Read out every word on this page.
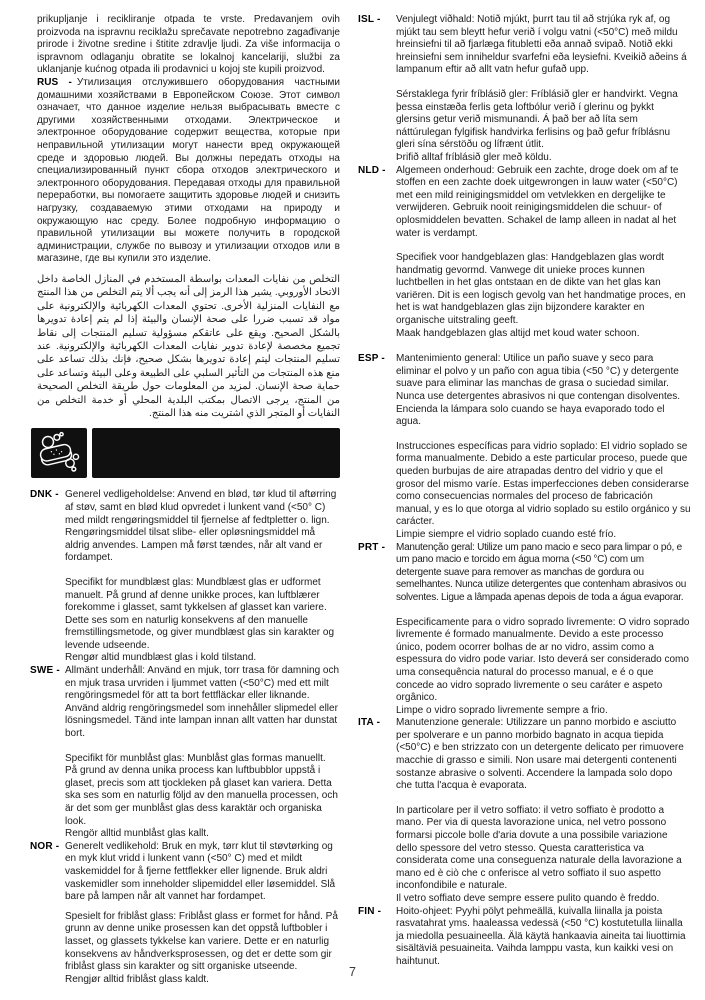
prikupljanje i recikliranje otpada te vrste. Predavanjem ovih proizvoda na ispravnu reciklažu sprečavate nepotrebno zagađivanje prirode i životne sredine i štitite zdravlje ljudi. Za više informacija o ispravnom odlaganju obratite se lokalnoj kancelariji, službi za uklanjanje kućnog otpada ili prodavnici u kojoj ste kupili proizvod.

RUS - Утилизация отслужившего оборудования частными домашними хозяйствами в Европейском Союзе. Этот символ означает, что данное изделие нельзя выбрасывать вместе с другими хозяйственными отходами. Электрическое и электронное оборудование содержит вещества, которые при неправильной утилизации могут нанести вред окружающей среде и здоровью людей. Вы должны передать отходы на специализированный пункт сбора отходов электрического и электронного оборудования. Передавая отходы для правильной переработки, вы помогаете защитить здоровье людей и снизить нагрузку, создаваемую этими отходами на природу и окружающую нас среду. Более подробную информацию о правильной утилизации вы можете получить в городской администрации, службе по вывозу и утилизации отходов или в магазине, где вы купили это изделие.

التخلص من نفايات المعدات بواسطة المستخدم في المنازل الخاصة داخل الاتحاد الأوروبي. يشير هذا الرمز إلى أنه يجب ألا يتم التخلص من هذا المنتج مع النفايات المنزلية الأخرى. تحتوي المعدات الكهربائية والإلكترونية على مواد قد تسبب ضررا على صحة الإنسان والبيئة إذا لم يتم إعادة تدويرها بالشكل الصحيح. ويقع على عاتقكم مسؤولية تسليم المنتجات إلى نقاط تجميع مخصصة لإعادة تدوير نفايات المعدات الكهربائية والإلكترونية. عند تسليم المنتجات ليتم إعادة تدويرها بشكل صحيح، فإنك بذلك تساعد على منع هذه المنتجات من التأثير السلبي على الطبيعة وعلى البيئة وتساعد على حماية صحة الإنسان. لمزيد من المعلومات حول طريقة التخلص الصحيحة من المنتج، يرجى الاتصال بمكتب البلدية المحلي أو خدمة التخلص من النفايات أو المتجر الذي اشتريت منه هذا المنتج.

DNK - Generel vedligeholdelse: Anvend en blød, tør klud til aftørring af støv, samt en blød klud opvredet i lunkent vand (<50° C) med mildt rengøringsmiddel til fjernelse af fedtpletter o. lign. Rengøringsmiddel tilsat slibe- eller opløsningsmiddel må aldrig anvendes. Lampen må først tændes, når alt vand er fordampet.

Specifikt for mundblæst glas: Mundblæst glas er udformet manuelt. På grund af denne unikke proces, kan luftblærer forekomme i glasset, samt tykkelsen af glasset kan variere. Dette ses som en naturlig konsekvens af den manuelle fremstillingsmetode, og giver mundblæst glas sin karakter og levende udseende.

Rengør altid mundblæst glas i kold tilstand.

SWE - Allmänt underhåll: Använd en mjuk, torr trasa för damning och en mjuk trasa urvriden i ljummet vatten (<50°C) med ett milt rengöringsmedel för att ta bort fettfläckar eller liknande. Använd aldrig rengöringsmedel som innehåller slipmedel eller lösningsmedel. Tänd inte lampan innan allt vatten har dunstat bort.

Specifikt för munblåst glas: Munblåst glas formas manuellt. På grund av denna unika process kan luftbubblor uppstå i glaset, precis som att tjockleken på glaset kan variera. Detta ska ses som en naturlig följd av den manuella processen, och är det som ger munblåst glas dess karaktär och organiska look.

Rengör alltid munblåst glas kallt.

NOR - Generelt vedlikehold: Bruk en myk, tørr klut til støvtørking og en myk klut vridd i lunkent vann (<50° C) med et mildt vaskemiddel for å fjerne fettflekker eller lignende. Bruk aldri vaskemidler som inneholder slipemiddel eller løsemiddel. Slå bare på lampen når alt vannet har fordampet.

Spesielt for friblåst glass: Friblåst glass er formet for hånd. På grunn av denne unike prosessen kan det oppstå luftbobler i lasset, og glassets tykkelse kan variere. Dette er en naturlig konsekvens av håndverksprosessen, og det er dette som gir friblåst glass sin karakter og sitt organiske utseende.

Rengjør alltid friblåst glass kaldt.

ISL -	Venjulegt viðhald: Notið mjúkt, þurrt tau til að strjúka ryk af, og mjúkt tau sem bleytt hefur verið í volgu vatni (<50°C) með mildu hreinsiefni til að fjarlæga fitubletti eða annað svipað. Notið ekki hreinsiefni sem inniheldur svarfefni eða leysiefni. Kveikið aðeins á lampanum eftir að allt vatn hefur gufað upp.

Sérstaklega fyrir fríblásið gler: Fríblásið gler er handvirkt. Vegna þessa einstæða ferlis geta loftbólur verið í glerinu og þykkt glersins getur verið mismunandi. Á það ber að líta sem náttúrulegan fylgifisk handvirka ferlisins og það gefur fríblásnu gleri sína sérstöðu og lífrænt útlit.

Þrifið alltaf fríblásið gler með köldu.

NLD -	Algemeen onderhoud: Gebruik een zachte, droge doek om af te stoffen en een zachte doek uitgewrongen in lauw water (<50°C) met een mild reinigingsmiddel om vetvlekken en dergelijke te verwijderen. Gebruik nooit reinigingsmiddelen die schuur- of oplosmiddelen bevatten. Schakel de lamp alleen in nadat al het water is verdampt.

Specifiek voor handgeblazen glas: Handgeblazen glas wordt handmatig gevormd. Vanwege dit unieke proces kunnen luchtbellen in het glas ontstaan en de dikte van het glas kan variëren. Dit is een logisch gevolg van het handmatige proces, en het is wat handgeblazen glas zijn bijzondere karakter en organische uitstraling geeft.

Maak handgeblazen glas altijd met koud water schoon.

ESP -	Mantenimiento general: Utilice un paño suave y seco para eliminar el polvo y un paño con agua tibia (<50 °C) y detergente suave para eliminar las manchas de grasa o suciedad similar. Nunca use detergentes abrasivos ni que contengan disolventes. Encienda la lámpara solo cuando se haya evaporado todo el agua.

Instrucciones específicas para vidrio soplado: El vidrio soplado se forma manualmente. Debido a este particular proceso, puede que queden burbujas de aire atrapadas dentro del vidrio y que el grosor del mismo varíe. Estas imperfecciones deben considerarse como consecuencias normales del proceso de fabricación manual, y es lo que otorga al vidrio soplado su estilo orgánico y su carácter.

Limpie siempre el vidrio soplado cuando esté frío.

PRT -	Manutenção geral: Utilize um pano macio e seco para limpar o pó, e um pano macio e torcido em água morna (<50 °C) com um detergente suave para remover as manchas de gordura ou semelhantes. Nunca utilize detergentes que contenham abrasivos ou solventes. Ligue a lâmpada apenas depois de toda a água evaporar.

Especificamente para o vidro soprado livremente: O vidro soprado livremente é formado manualmente. Devido a este processo único, podem ocorrer bolhas de ar no vidro, assim como a espessura do vidro pode variar. Isto deverá ser considerado como uma consequência natural do processo manual, e é o que concede ao vidro soprado livremente o seu caráter e aspeto orgânico.

Limpe o vidro soprado livremente sempre a frio.

ITA -	Manutenzione generale: Utilizzare un panno morbido e asciutto per spolverare e un panno morbido bagnato in acqua tiepida (<50°C) e ben strizzato con un detergente delicato per rimuovere macchie di grasso e simili. Non usare mai detergenti contenenti sostanze abrasive o solventi. Accendere la lampada solo dopo che tutta l'acqua è evaporata.

In particolare per il vetro soffiato: il vetro soffiato è prodotto a mano. Per via di questa lavorazione unica, nel vetro possono formarsi piccole bolle d'aria dovute a una possibile variazione dello spessore del vetro stesso. Questa caratteristica va considerata come una conseguenza naturale della lavorazione a mano ed è ciò che c onferisce al vetro soffiato il suo aspetto inconfondibile e naturale.

Il vetro soffiato deve sempre essere pulito quando è freddo.

FIN -	Hoito-ohjeet: Pyyhi pölyt pehmeällä, kuivalla liinalla ja poista rasvatahrat yms. haaleassa vedessä (<50 °C) kostutetulla liinalla ja miedolla pesuaineella. Älä käytä hankaavia aineita tai liuottimia sisältäviä pesuaineita. Vaihda lamppu vasta, kun kaikki vesi on haihtunut.

7
